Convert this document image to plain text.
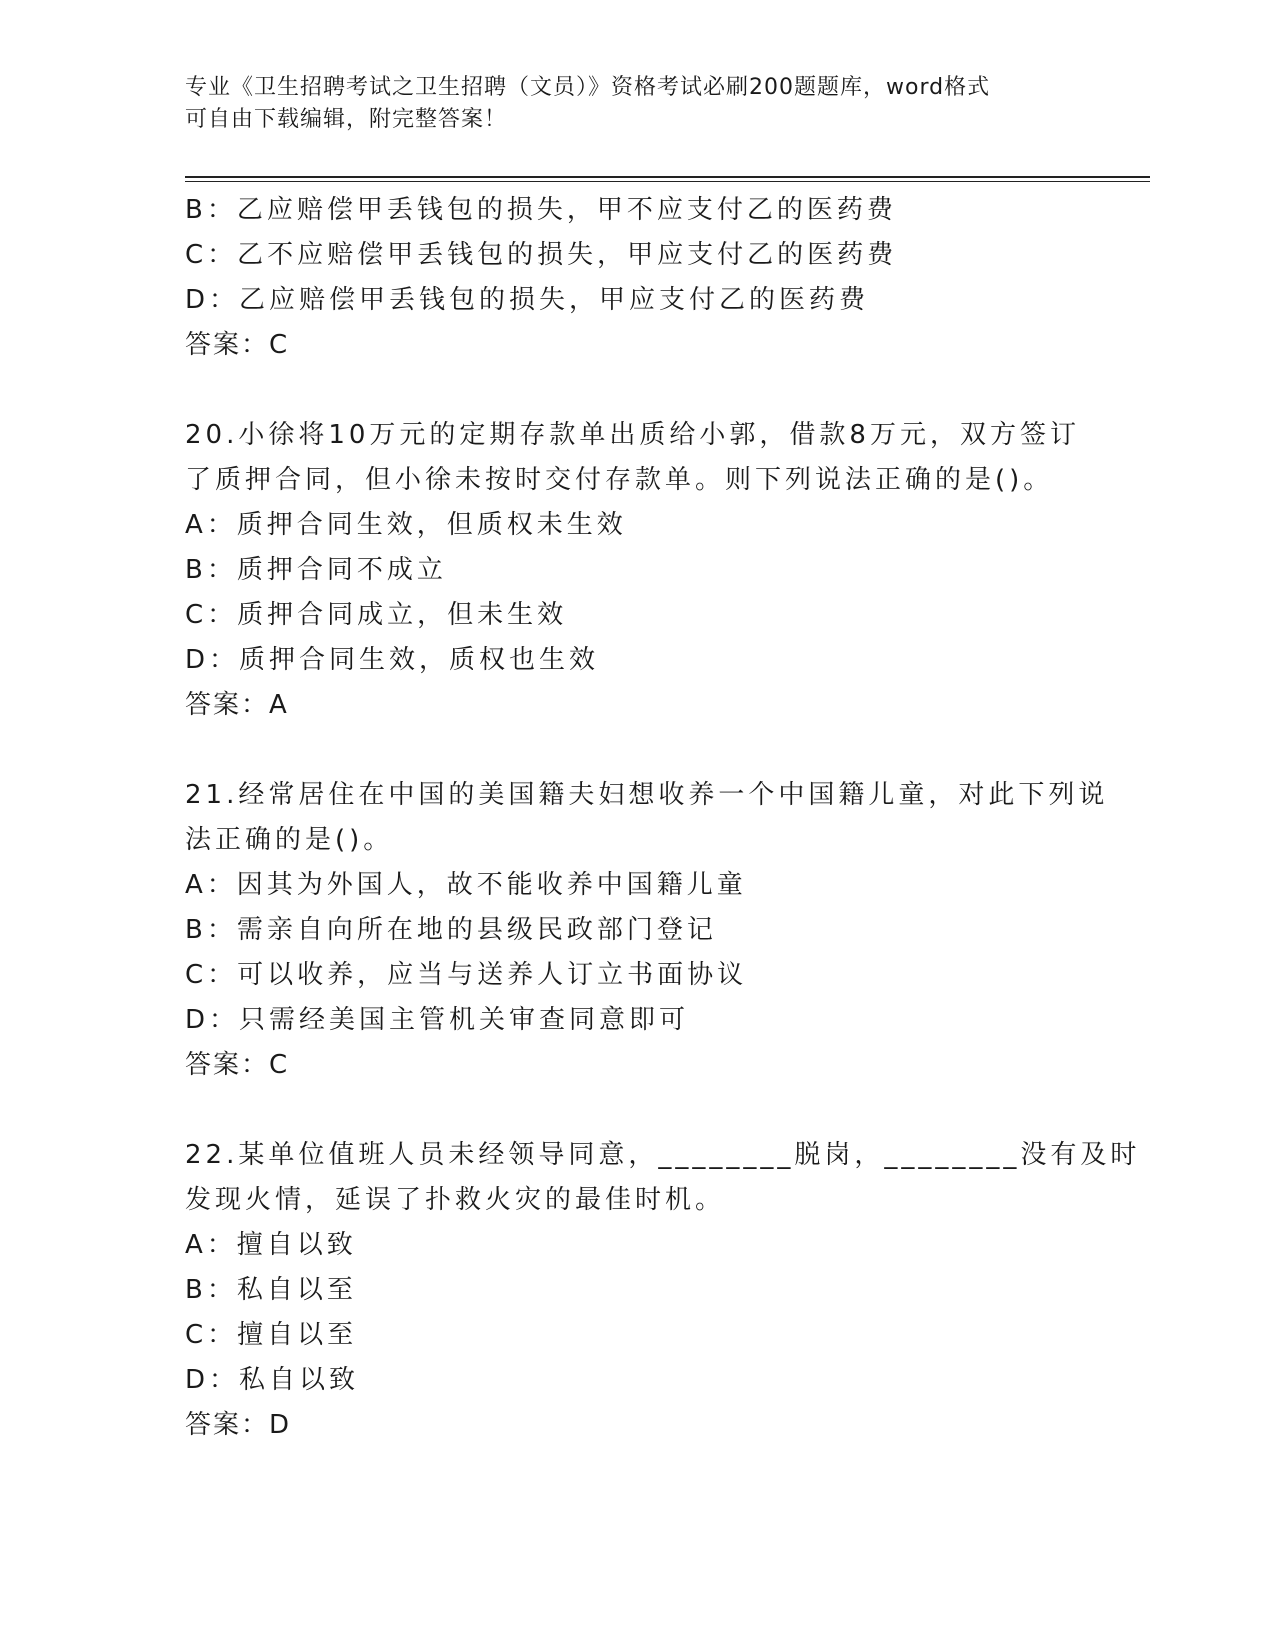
专业《卫生招聘考试之卫生招聘（文员）》资格考试必刷200题题库，word格式
可自由下载编辑，附完整答案！
B：乙应赔偿甲丢钱包的损失，甲不应支付乙的医药费
C：乙不应赔偿甲丢钱包的损失，甲应支付乙的医药费
D：乙应赔偿甲丢钱包的损失，甲应支付乙的医药费
答案：C
20.小徐将10万元的定期存款单出质给小郭，借款8万元，双方签订
了质押合同，但小徐未按时交付存款单。则下列说法正确的是()。
A：质押合同生效，但质权未生效
B：质押合同不成立
C：质押合同成立，但未生效
D：质押合同生效，质权也生效
答案：A
21.经常居住在中国的美国籍夫妇想收养一个中国籍儿童，对此下列说
法正确的是()。
A：因其为外国人，故不能收养中国籍儿童
B：需亲自向所在地的县级民政部门登记
C：可以收养，应当与送养人订立书面协议
D：只需经美国主管机关审查同意即可
答案：C
22.某单位值班人员未经领导同意，________脱岗，________没有及时
发现火情，延误了扑救火灾的最佳时机。
A：擅自以致
B：私自以至
C：擅自以至
D：私自以致
答案：D
